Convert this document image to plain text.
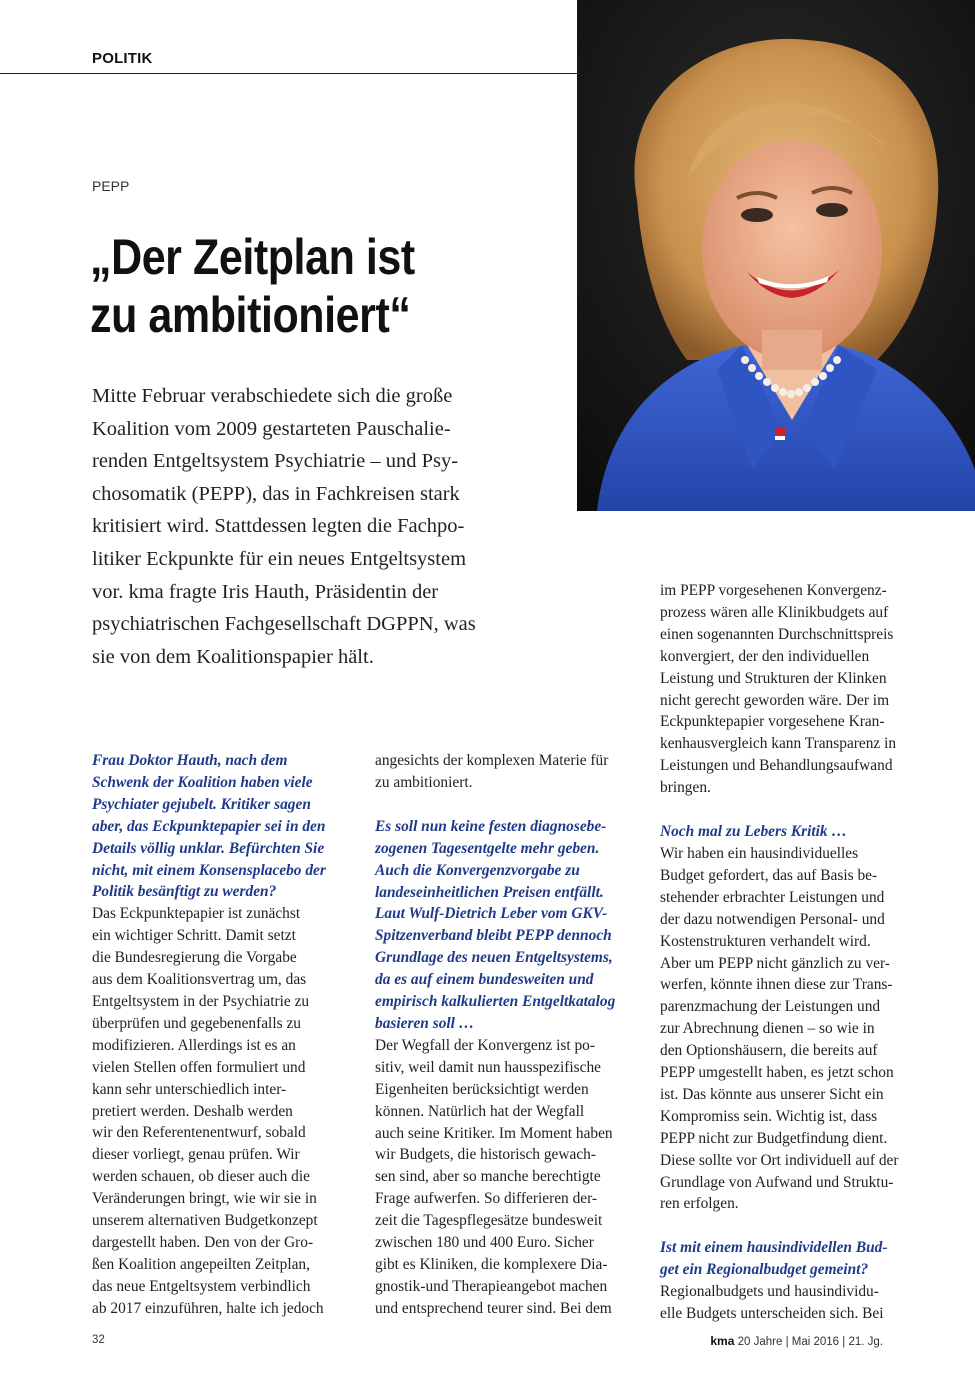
POLITIK
PEPP
„Der Zeitplan ist
zu ambitioniert“
Mitte Februar verabschiedete sich die große
Koalition vom 2009 gestarteten Pauschalie-
renden Entgeltsystem Psychiatrie – und Psy-
chosomatik (PEPP), das in Fachkreisen stark
kritisiert wird. Stattdessen legten die Fachpo-
litiker Eckpunkte für ein neues Entgeltsystem
vor. kma fragte Iris Hauth, Präsidentin der
psychiatrischen Fachgesellschaft DGPPN, was
sie von dem Koalitionspapier hält.
Frau Doktor Hauth, nach dem
Schwenk der Koalition haben viele
Psychiater gejubelt. Kritiker sagen
aber, das Eckpunktepapier sei in den
Details völlig unklar. Befürchten Sie
nicht, mit einem Konsensplacebo der
Politik besänftigt zu werden?
Das Eckpunktepapier ist zunächst
ein wichtiger Schritt. Damit setzt
die Bundesregierung die Vorgabe
aus dem Koalitionsvertrag um, das
Entgeltsystem in der Psychiatrie zu
überprüfen und gegebenenfalls zu
modifizieren. Allerdings ist es an
vielen Stellen offen formuliert und
kann sehr unterschiedlich inter-
pretiert werden. Deshalb werden
wir den Referentenentwurf, sobald
dieser vorliegt, genau prüfen. Wir
werden schauen, ob dieser auch die
Veränderungen bringt, wie wir sie in
unserem alternativen Budgetkonzept
dargestellt haben. Den von der Gro-
ßen Koalition angepeilten Zeitplan,
das neue Entgeltsystem verbindlich
ab 2017 einzuführen, halte ich jedoch
angesichts der komplexen Materie für
zu ambitioniert.
Es soll nun keine festen diagnosebe-
zogenen Tagesentgelte mehr geben.
Auch die Konvergenzvorgabe zu
landeseinheitlichen Preisen entfällt.
Laut Wulf-Dietrich Leber vom GKV-
Spitzenverband bleibt PEPP dennoch
Grundlage des neuen Entgeltsystems,
da es auf einem bundesweiten und
empirisch kalkulierten Entgeltkatalog
basieren soll …
Der Wegfall der Konvergenz ist po-
sitiv, weil damit nun hausspezifische
Eigenheiten berücksichtigt werden
können. Natürlich hat der Wegfall
auch seine Kritiker. Im Moment haben
wir Budgets, die historisch gewach-
sen sind, aber so manche berechtigte
Frage aufwerfen. So differieren der-
zeit die Tagespflegesätze bundesweit
zwischen 180 und 400 Euro. Sicher
gibt es Kliniken, die komplexere Dia-
gnostik-und Therapieangebot machen
und entsprechend teurer sind. Bei dem
im PEPP vorgesehenen Konvergenz-
prozess wären alle Klinikbudgets auf
einen sogenannten Durchschnittspreis
konvergiert, der den individuellen
Leistung und Strukturen der Klinken
nicht gerecht geworden wäre. Der im
Eckpunktepapier vorgesehene Kran-
kenhausvergleich kann Transparenz in
Leistungen und Behandlungsaufwand
bringen.
Noch mal zu Lebers Kritik …
Wir haben ein hausindividuelles
Budget gefordert, das auf Basis be-
stehender erbrachter Leistungen und
der dazu notwendigen Personal- und
Kostenstrukturen verhandelt wird.
Aber um PEPP nicht gänzlich zu ver-
werfen, könnte ihnen diese zur Trans-
parenzmachung der Leistungen und
zur Abrechnung dienen – so wie in
den Optionshäusern, die bereits auf
PEPP umgestellt haben, es jetzt schon
ist. Das könnte aus unserer Sicht ein
Kompromiss sein. Wichtig ist, dass
PEPP nicht zur Budgetfindung dient.
Diese sollte vor Ort individuell auf der
Grundlage von Aufwand und Struktu-
ren erfolgen.
Ist mit einem hausindividellen Bud-
get ein Regionalbudget gemeint?
Regionalbudgets und hausindividu-
elle Budgets unterscheiden sich. Bei
32	kma 20 Jahre | Mai 2016 | 21. Jg.
